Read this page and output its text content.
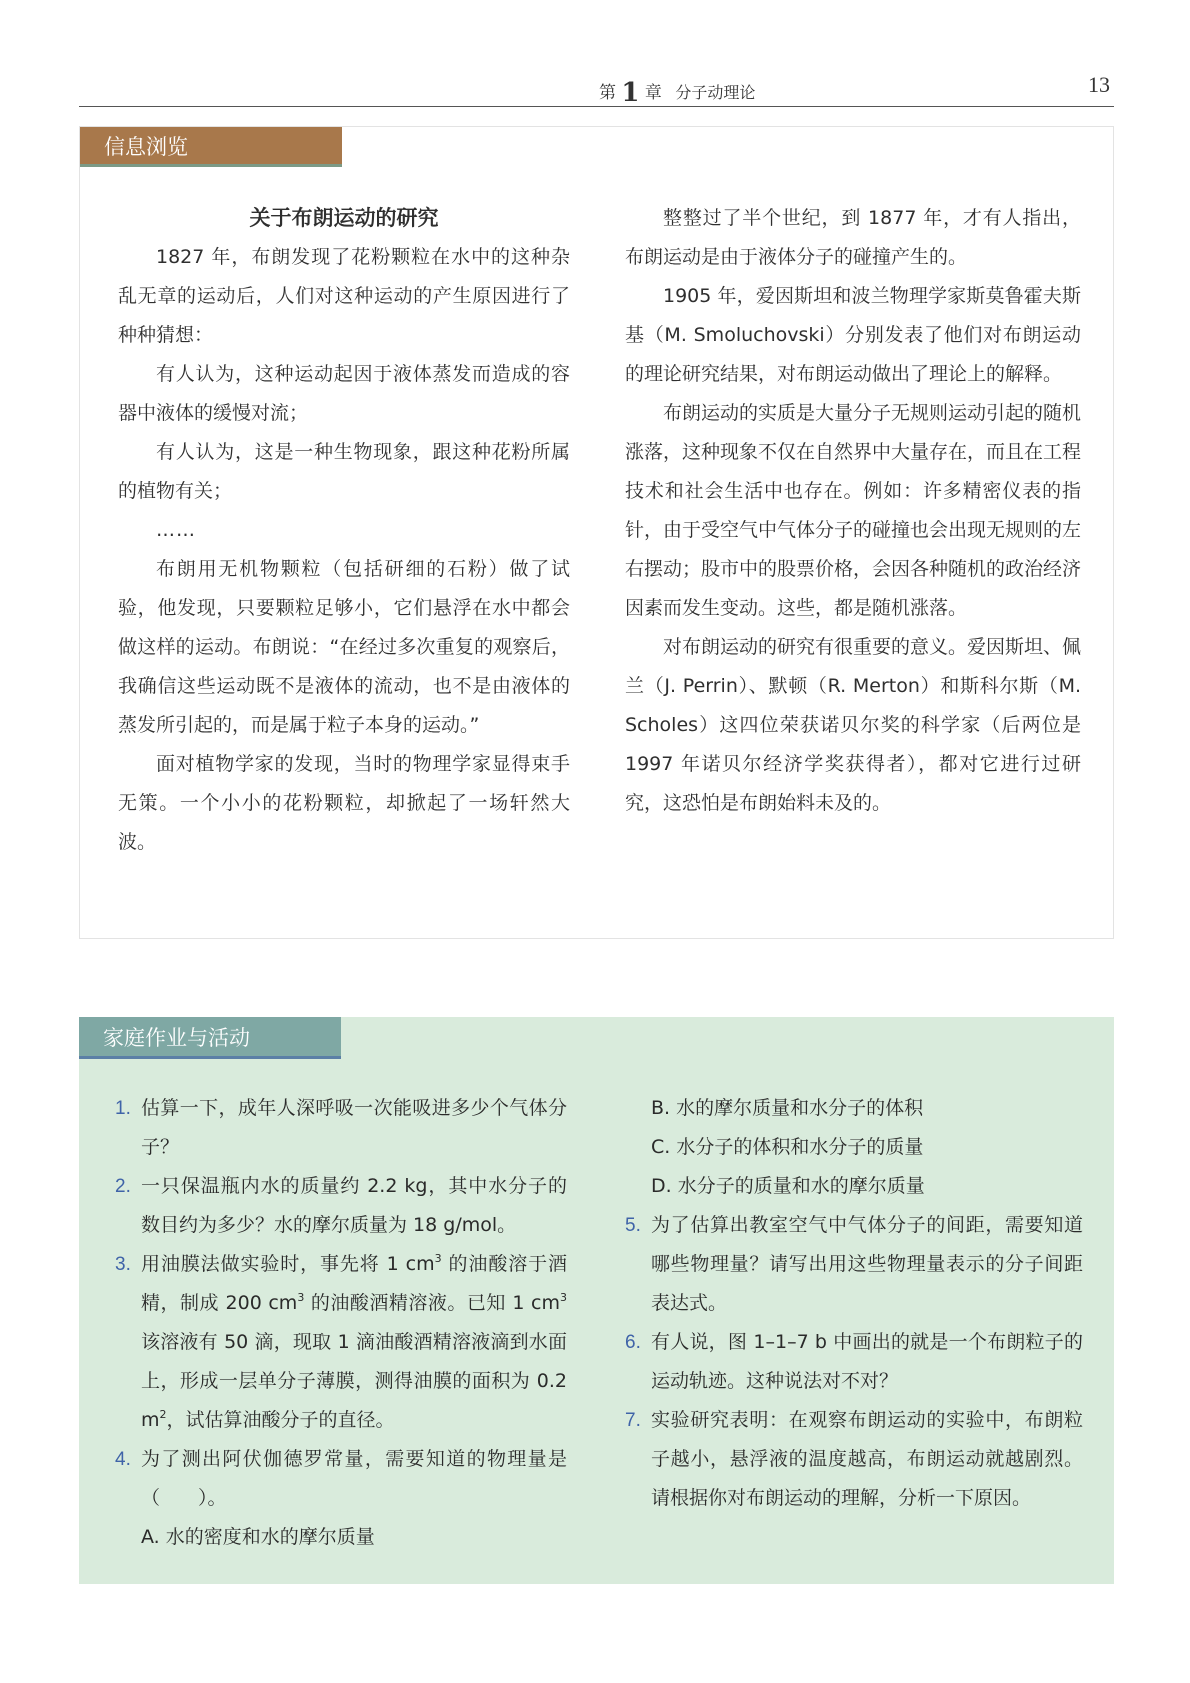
第 1 章 分子动理论	13
信息浏览

关于布朗运动的研究

1827 年，布朗发现了花粉颗粒在水中的这种杂乱无章的运动后，人们对这种运动的产生原因进行了种种猜想：

有人认为，这种运动起因于液体蒸发而造成的容器中液体的缓慢对流；

有人认为，这是一种生物现象，跟这种花粉所属的植物有关；

……

布朗用无机物颗粒（包括研细的石粉）做了试验，他发现，只要颗粒足够小，它们悬浮在水中都会做这样的运动。布朗说：“在经过多次重复的观察后，我确信这些运动既不是液体的流动，也不是由液体的蒸发所引起的，而是属于粒子本身的运动。”

面对植物学家的发现，当时的物理学家显得束手无策。一个小小的花粉颗粒，却掀起了一场轩然大波。

整整过了半个世纪，到 1877 年，才有人指出，布朗运动是由于液体分子的碰撞产生的。

1905 年，爱因斯坦和波兰物理学家斯莫鲁霍夫斯基（M. Smoluchovski）分别发表了他们对布朗运动的理论研究结果，对布朗运动做出了理论上的解释。

布朗运动的实质是大量分子无规则运动引起的随机涨落，这种现象不仅在自然界中大量存在，而且在工程技术和社会生活中也存在。例如：许多精密仪表的指针，由于受空气中气体分子的碰撞也会出现无规则的左右摆动；股市中的股票价格，会因各种随机的政治经济因素而发生变动。这些，都是随机涨落。

对布朗运动的研究有很重要的意义。爱因斯坦、佩兰（J. Perrin）、默顿（R. Merton）和斯科尔斯（M. Scholes）这四位荣获诺贝尔奖的科学家（后两位是 1997 年诺贝尔经济学奖获得者），都对它进行过研究，这恐怕是布朗始料未及的。

家庭作业与活动
1. 估算一下，成年人深呼吸一次能吸进多少个气体分子？
2. 一只保温瓶内水的质量约 2.2 kg，其中水分子的数目约为多少？水的摩尔质量为 18 g/mol。
3. 用油膜法做实验时，事先将 1 $cm^3$ 的油酸溶于酒精，制成 200 $cm^3$ 的油酸酒精溶液。已知 1 $cm^3$ 该溶液有 50 滴，现取 1 滴油酸酒精溶液滴到水面上，形成一层单分子薄膜，测得油膜的面积为 0.2 $m^2$，试估算油酸分子的直径。
4. 为了测出阿伏伽德罗常量，需要知道的物理量是（　　）。
A. 水的密度和水的摩尔质量
B. 水的摩尔质量和水分子的体积
C. 水分子的体积和水分子的质量
D. 水分子的质量和水的摩尔质量
5. 为了估算出教室空气中气体分子的间距，需要知道哪些物理量？请写出用这些物理量表示的分子间距表达式。
6. 有人说，图 1–1–7 b 中画出的就是一个布朗粒子的运动轨迹。这种说法对不对？
7. 实验研究表明：在观察布朗运动的实验中，布朗粒子越小，悬浮液的温度越高，布朗运动就越剧烈。请根据你对布朗运动的理解，分析一下原因。
